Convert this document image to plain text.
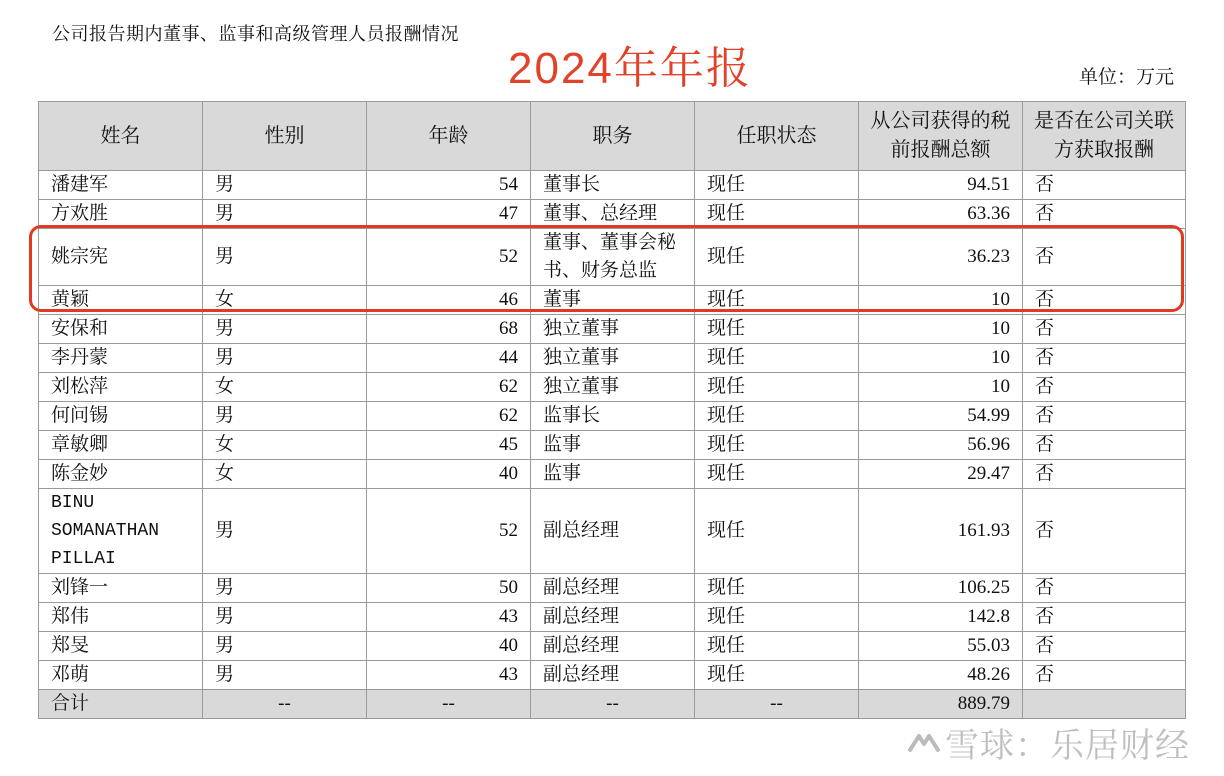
公司报告期内董事、监事和高级管理人员报酬情况
2024年年报	单位：万元
姓名	性别	年龄	职务	任职状态	从公司获得的税前报酬总额	是否在公司关联方获取报酬
潘建军	男	54	董事长	现任	94.51	否
方欢胜	男	47	董事、总经理	现任	63.36	否
姚宗宪	男	52	董事、董事会秘书、财务总监	现任	36.23	否
黄颖	女	46	董事	现任	10	否
安保和	男	68	独立董事	现任	10	否
李丹蒙	男	44	独立董事	现任	10	否
刘松萍	女	62	独立董事	现任	10	否
何问锡	男	62	监事长	现任	54.99	否
章敏卿	女	45	监事	现任	56.96	否
陈金妙	女	40	监事	现任	29.47	否
BINU SOMANATHAN PILLAI	男	52	副总经理	现任	161.93	否
刘锋一	男	50	副总经理	现任	106.25	否
郑伟	男	43	副总经理	现任	142.8	否
郑旻	男	40	副总经理	现任	55.03	否
邓萌	男	43	副总经理	现任	48.26	否
合计	--	--	--	--	889.79	
雪球：乐居财经
